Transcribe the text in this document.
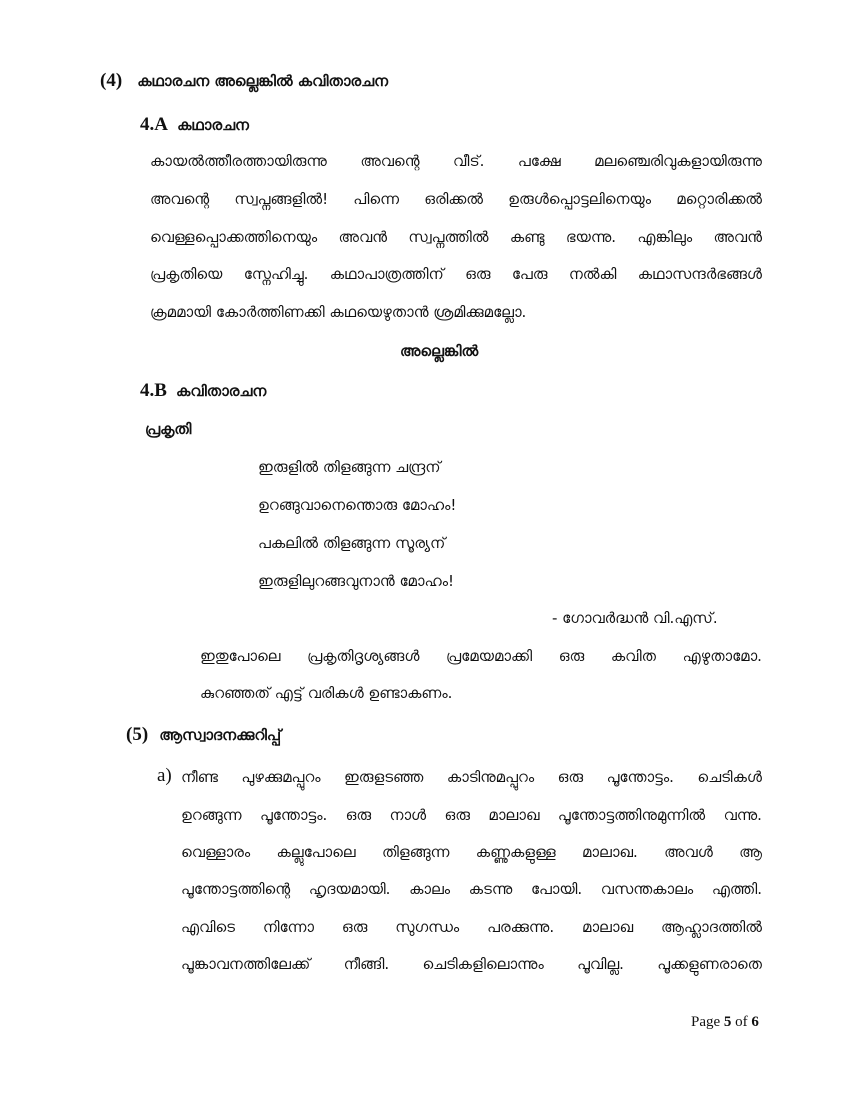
(4) കഥാരചന അല്ലെങ്കിൽ കവിതാരചന
4.A കഥാരചന
കായൽത്തീരത്തായിരുന്നു അവന്റെ വീട്. പക്ഷേ മലഞ്ചെരിവുകളായിരുന്നു
അവന്റെ സ്വപ്നങ്ങളിൽ! പിന്നെ ഒരിക്കൽ ഉരുൾപ്പൊട്ടലിനെയും മറ്റൊരിക്കൽ
വെള്ളപ്പൊക്കത്തിനെയും അവൻ സ്വപ്നത്തിൽ കണ്ടു ഭയന്നു. എങ്കിലും അവൻ
പ്രകൃതിയെ സ്നേഹിച്ചു. കഥാപാത്രത്തിന് ഒരു പേരു നൽകി കഥാസന്ദർഭങ്ങൾ
ക്രമമായി കോർത്തിണക്കി കഥയെഴുതാൻ ശ്രമിക്കുമല്ലോ.
അല്ലെങ്കിൽ
4.B കവിതാരചന
പ്രകൃതി
ഇരുളിൽ തിളങ്ങുന്ന ചന്ദ്രന്
ഉറങ്ങുവാനെന്തൊരു മോഹം!
പകലിൽ തിളങ്ങുന്ന സൂര്യന്
ഇരുളിലുറങ്ങവുനാൻ മോഹം!
- ഗോവർദ്ധൻ വി.എസ്.
ഇതുപോലെ പ്രകൃതിദൃശ്യങ്ങൾ പ്രമേയമാക്കി ഒരു കവിത എഴുതാമോ.
കുറഞ്ഞത് എട്ട് വരികൾ ഉണ്ടാകണം.
(5) ആസ്വാദനക്കുറിപ്പ്
a) നീണ്ട പുഴക്കുമപ്പുറം ഇരുളടഞ്ഞ കാടിനുമപ്പുറം ഒരു പൂന്തോട്ടം. ചെടികൾ
ഉറങ്ങുന്ന പൂന്തോട്ടം. ഒരു നാൾ ഒരു മാലാഖ പൂന്തോട്ടത്തിനുമുന്നിൽ വന്നു.
വെള്ളാരം കല്ലുപോലെ തിളങ്ങുന്ന കണ്ണുകളുള്ള മാലാഖ. അവൾ ആ
പൂന്തോട്ടത്തിന്റെ ഹൃദയമായി. കാലം കടന്നു പോയി. വസന്തകാലം എത്തി.
എവിടെ നിന്നോ ഒരു സുഗന്ധം പരക്കുന്നു. മാലാഖ ആഹ്ലാദത്തിൽ
പൂങ്കാവനത്തിലേക്ക് നീങ്ങി. ചെടികളിലൊന്നും പൂവില്ല. പൂക്കളുണരാതെ
Page 5 of 6
